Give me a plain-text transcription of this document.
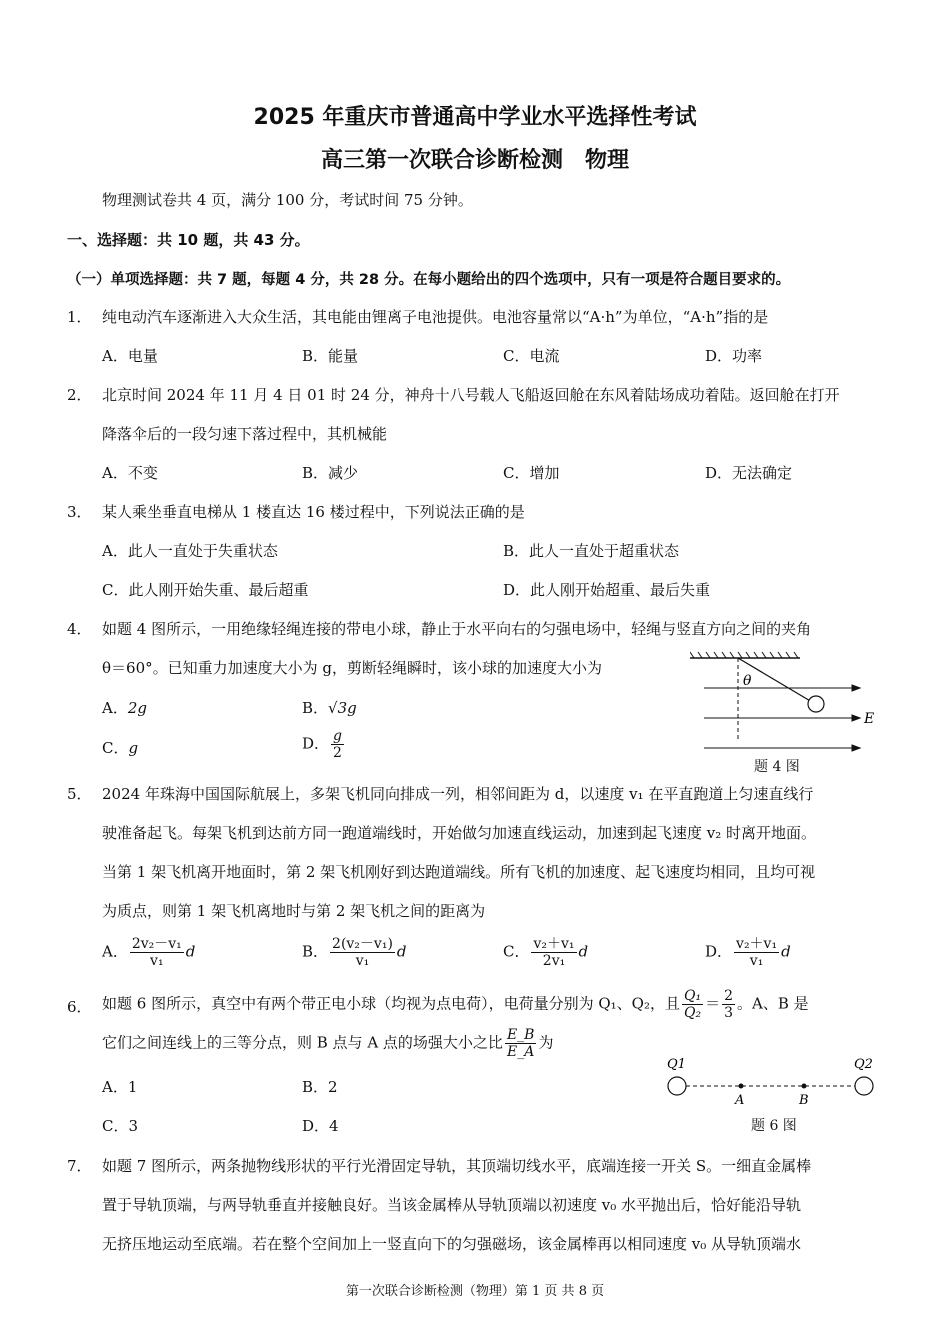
2025 年重庆市普通高中学业水平选择性考试
高三第一次联合诊断检测　物理
物理测试卷共 4 页，满分 100 分，考试时间 75 分钟。
一、选择题：共 10 题，共 43 分。
（一）单项选择题：共 7 题，每题 4 分，共 28 分。在每小题给出的四个选项中，只有一项是符合题目要求的。
1． 纯电动汽车逐渐进入大众生活，其电能由锂离子电池提供。电池容量常以“A·h”为单位，“A·h”指的是
A．电量	B．能量	C．电流	D．功率
2． 北京时间 2024 年 11 月 4 日 01 时 24 分，神舟十八号载人飞船返回舱在东风着陆场成功着陆。返回舱在打开
降落伞后的一段匀速下落过程中，其机械能
A．不变	B．减少	C．增加	D．无法确定
3． 某人乘坐垂直电梯从 1 楼直达 16 楼过程中，下列说法正确的是
A．此人一直处于失重状态	B．此人一直处于超重状态
C．此人刚开始失重、最后超重	D．此人刚开始超重、最后失重
4． 如题 4 图所示，一用绝缘轻绳连接的带电小球，静止于水平向右的匀强电场中，轻绳与竖直方向之间的夹角
θ＝60°。已知重力加速度大小为 g，剪断轻绳瞬时，该小球的加速度大小为
A．2g	B．√3g
C．g	D． $\frac{g}{2}$
θ
E
题 4 图
5． 2024 年珠海中国国际航展上，多架飞机同向排成一列，相邻间距为 d，以速度 v₁ 在平直跑道上匀速直线行
驶准备起飞。每架飞机到达前方同一跑道端线时，开始做匀加速直线运动，加速到起飞速度 v₂ 时离开地面。
当第 1 架飞机离开地面时，第 2 架飞机刚好到达跑道端线。所有飞机的加速度、起飞速度均相同，且均可视
为质点，则第 1 架飞机离地时与第 2 架飞机之间的距离为
A． $\frac{\text{2v₂－v₁}}{\text{v₁}}$ d	B． $\frac{\text{2(v₂－v₁)}}{\text{v₁}}$ d	C． $\frac{\text{v₂＋v₁}}{\text{2v₁}}$ d	D． $\frac{\text{v₂＋v₁}}{\text{v₁}}$ d
6． 如题 6 图所示，真空中有两个带正电小球（均视为点电荷），电荷量分别为 Q₁、Q₂，且 $\frac{\text{Q₁}}{\text{Q₂}} = \frac{2}{3}$ 。A、B 是
它们之间连线上的三等分点，则 B 点与 A 点的场强大小之比 $\frac{E\_B}{E\_A}$ 为
A．1	B．2
C．3	D．4
Q1	Q2
A	B
题 6 图
7． 如题 7 图所示，两条抛物线形状的平行光滑固定导轨，其顶端切线水平，底端连接一开关 S。一细直金属棒
置于导轨顶端，与两导轨垂直并接触良好。当该金属棒从导轨顶端以初速度 v₀ 水平抛出后，恰好能沿导轨
无挤压地运动至底端。若在整个空间加上一竖直向下的匀强磁场，该金属棒再以相同速度 v₀ 从导轨顶端水
第一次联合诊断检测（物理）第 1 页 共 8 页
